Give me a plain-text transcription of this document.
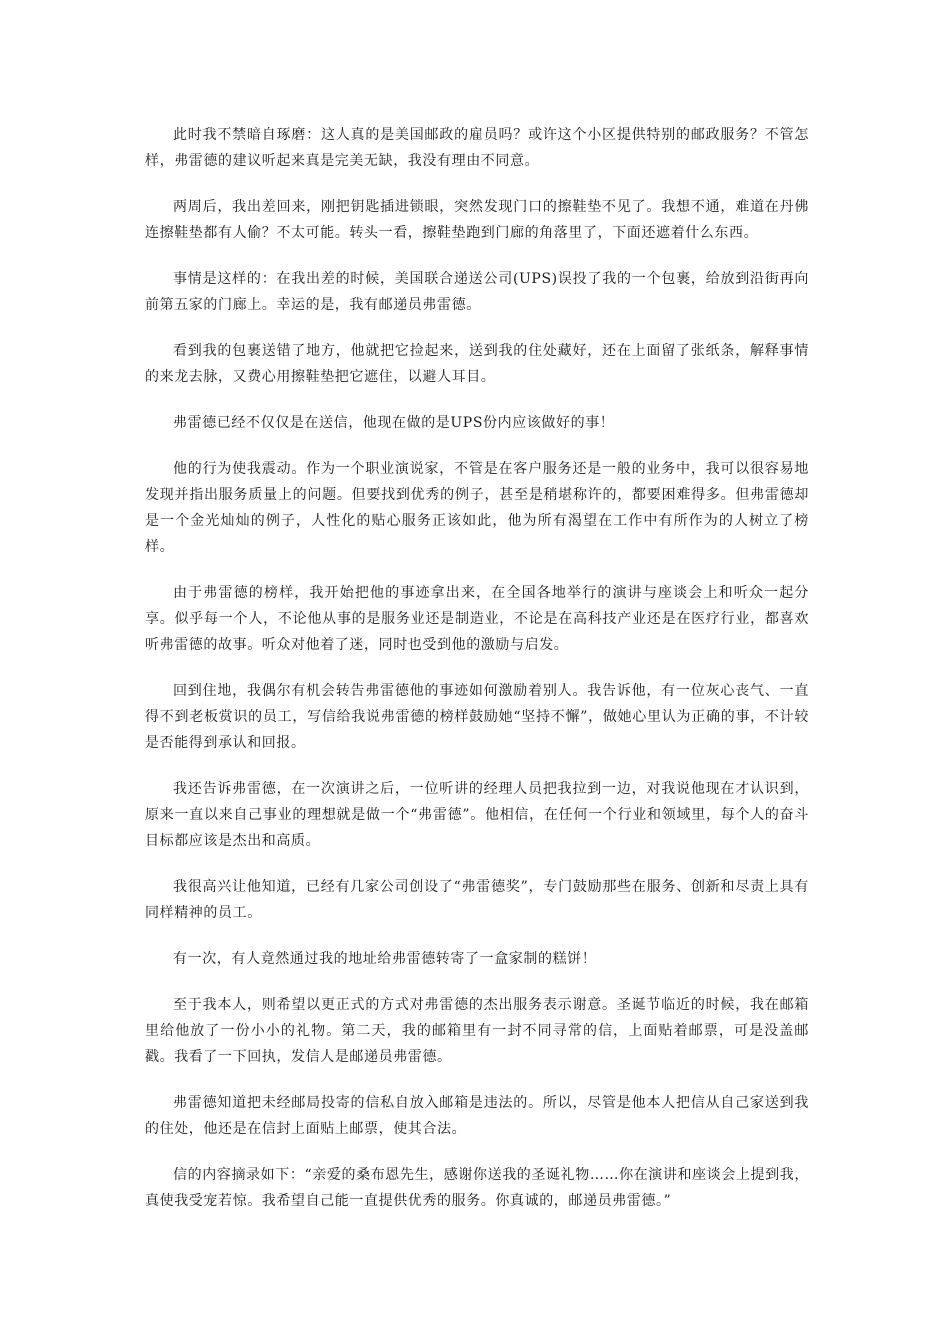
此时我不禁暗自琢磨：这人真的是美国邮政的雇员吗？或许这个小区提供特别的邮政服务？不管怎样，弗雷德的建议听起来真是完美无缺，我没有理由不同意。

两周后，我出差回来，刚把钥匙插进锁眼，突然发现门口的擦鞋垫不见了。我想不通，难道在丹佛连擦鞋垫都有人偷？不太可能。转头一看，擦鞋垫跑到门廊的角落里了，下面还遮着什么东西。

事情是这样的：在我出差的时候，美国联合递送公司(UPS)误投了我的一个包裹，给放到沿街再向前第五家的门廊上。幸运的是，我有邮递员弗雷德。

看到我的包裹送错了地方，他就把它捡起来，送到我的住处藏好，还在上面留了张纸条，解释事情的来龙去脉，又费心用擦鞋垫把它遮住，以避人耳目。

弗雷德已经不仅仅是在送信，他现在做的是UPS份内应该做好的事！

他的行为使我震动。作为一个职业演说家，不管是在客户服务还是一般的业务中，我可以很容易地发现并指出服务质量上的问题。但要找到优秀的例子，甚至是稍堪称许的，都要困难得多。但弗雷德却是一个金光灿灿的例子，人性化的贴心服务正该如此，他为所有渴望在工作中有所作为的人树立了榜样。

由于弗雷德的榜样，我开始把他的事迹拿出来，在全国各地举行的演讲与座谈会上和听众一起分享。似乎每一个人，不论他从事的是服务业还是制造业，不论是在高科技产业还是在医疗行业，都喜欢听弗雷德的故事。听众对他着了迷，同时也受到他的激励与启发。

回到住地，我偶尔有机会转告弗雷德他的事迹如何激励着别人。我告诉他，有一位灰心丧气、一直得不到老板赏识的员工，写信给我说弗雷德的榜样鼓励她“坚持不懈”，做她心里认为正确的事，不计较是否能得到承认和回报。

我还告诉弗雷德，在一次演讲之后，一位听讲的经理人员把我拉到一边，对我说他现在才认识到，原来一直以来自己事业的理想就是做一个“弗雷德”。他相信，在任何一个行业和领域里，每个人的奋斗目标都应该是杰出和高质。

我很高兴让他知道，已经有几家公司创设了“弗雷德奖”，专门鼓励那些在服务、创新和尽责上具有同样精神的员工。

有一次，有人竟然通过我的地址给弗雷德转寄了一盒家制的糕饼！

至于我本人，则希望以更正式的方式对弗雷德的杰出服务表示谢意。圣诞节临近的时候，我在邮箱里给他放了一份小小的礼物。第二天，我的邮箱里有一封不同寻常的信，上面贴着邮票，可是没盖邮戳。我看了一下回执，发信人是邮递员弗雷德。

弗雷德知道把未经邮局投寄的信私自放入邮箱是违法的。所以，尽管是他本人把信从自己家送到我的住处，他还是在信封上面贴上邮票，使其合法。

信的内容摘录如下：“亲爱的桑布恩先生，感谢你送我的圣诞礼物……你在演讲和座谈会上提到我，真使我受宠若惊。我希望自己能一直提供优秀的服务。你真诚的，邮递员弗雷德。”
